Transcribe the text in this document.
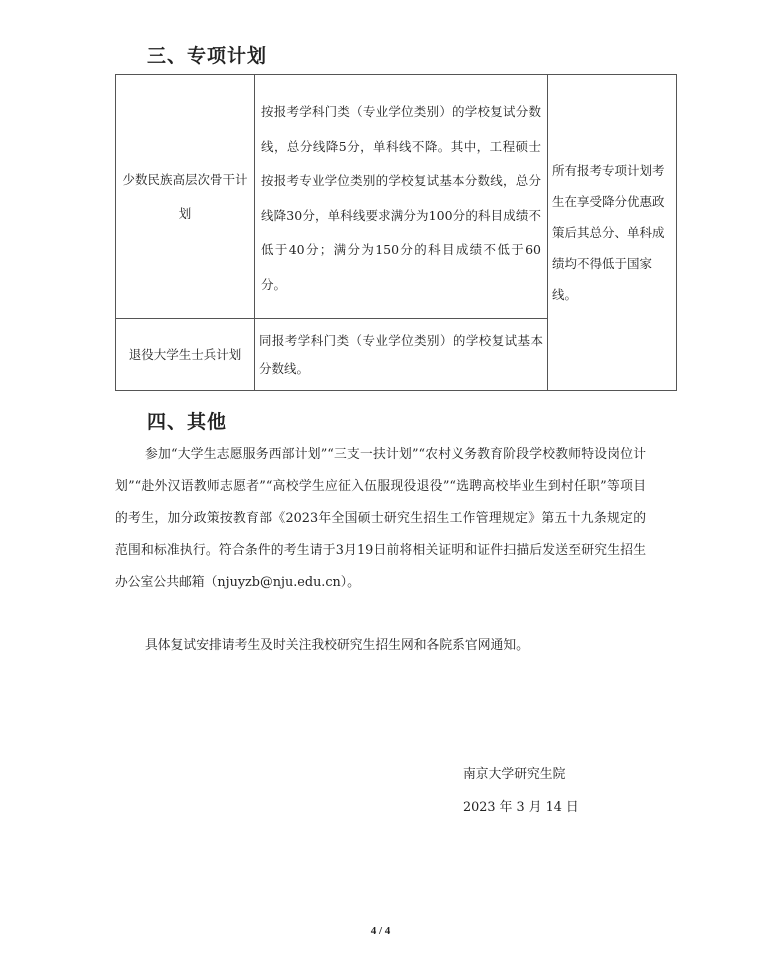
三、专项计划
少数民族高层次骨干计划	按报考学科门类（专业学位类别）的学校复试分数线，总分线降5分，单科线不降。其中，工程硕士按报考专业学位类别的学校复试基本分数线，总分线降30分，单科线要求满分为100分的科目成绩不低于40分；满分为150分的科目成绩不低于60分。	所有报考专项计划考生在享受降分优惠政策后其总分、单科成绩均不得低于国家线。
退役大学生士兵计划	同报考学科门类（专业学位类别）的学校复试基本分数线。	
四、其他
参加“大学生志愿服务西部计划”“三支一扶计划”“农村义务教育阶段学校教师特设岗位计划”“赴外汉语教师志愿者”“高校学生应征入伍服现役退役”“选聘高校毕业生到村任职”等项目的考生，加分政策按教育部《2023年全国硕士研究生招生工作管理规定》第五十九条规定的范围和标准执行。符合条件的考生请于3月19日前将相关证明和证件扫描后发送至研究生招生办公室公共邮箱（njuyzb@nju.edu.cn）。
具体复试安排请考生及时关注我校研究生招生网和各院系官网通知。
南京大学研究生院
2023 年 3 月 14 日
4 / 4
